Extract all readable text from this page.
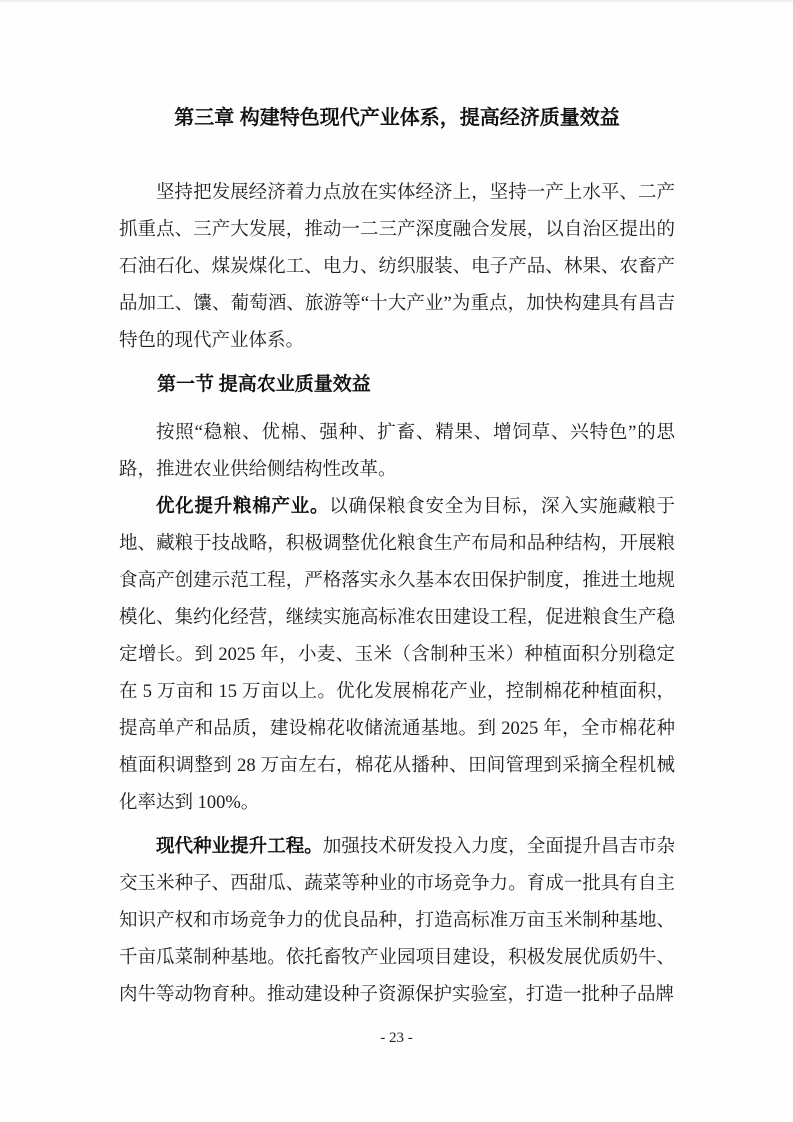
第三章 构建特色现代产业体系，提高经济质量效益

坚持把发展经济着力点放在实体经济上，坚持一产上水平、二产抓重点、三产大发展，推动一二三产深度融合发展，以自治区提出的石油石化、煤炭煤化工、电力、纺织服装、电子产品、林果、农畜产品加工、馕、葡萄酒、旅游等“十大产业”为重点，加快构建具有昌吉特色的现代产业体系。

第一节 提高农业质量效益

按照“稳粮、优棉、强种、扩畜、精果、增饲草、兴特色”的思路，推进农业供给侧结构性改革。

优化提升粮棉产业。以确保粮食安全为目标，深入实施藏粮于地、藏粮于技战略，积极调整优化粮食生产布局和品种结构，开展粮食高产创建示范工程，严格落实永久基本农田保护制度，推进土地规模化、集约化经营，继续实施高标准农田建设工程，促进粮食生产稳定增长。到 2025 年，小麦、玉米（含制种玉米）种植面积分别稳定在 5 万亩和 15 万亩以上。优化发展棉花产业，控制棉花种植面积，提高单产和品质，建设棉花收储流通基地。到 2025 年，全市棉花种植面积调整到 28 万亩左右，棉花从播种、田间管理到采摘全程机械化率达到 100%。

现代种业提升工程。加强技术研发投入力度，全面提升昌吉市杂交玉米种子、西甜瓜、蔬菜等种业的市场竞争力。育成一批具有自主知识产权和市场竞争力的优良品种，打造高标准万亩玉米制种基地、千亩瓜菜制种基地。依托畜牧产业园项目建设，积极发展优质奶牛、肉牛等动物育种。推动建设种子资源保护实验室，打造一批种子品牌

- 23 -
